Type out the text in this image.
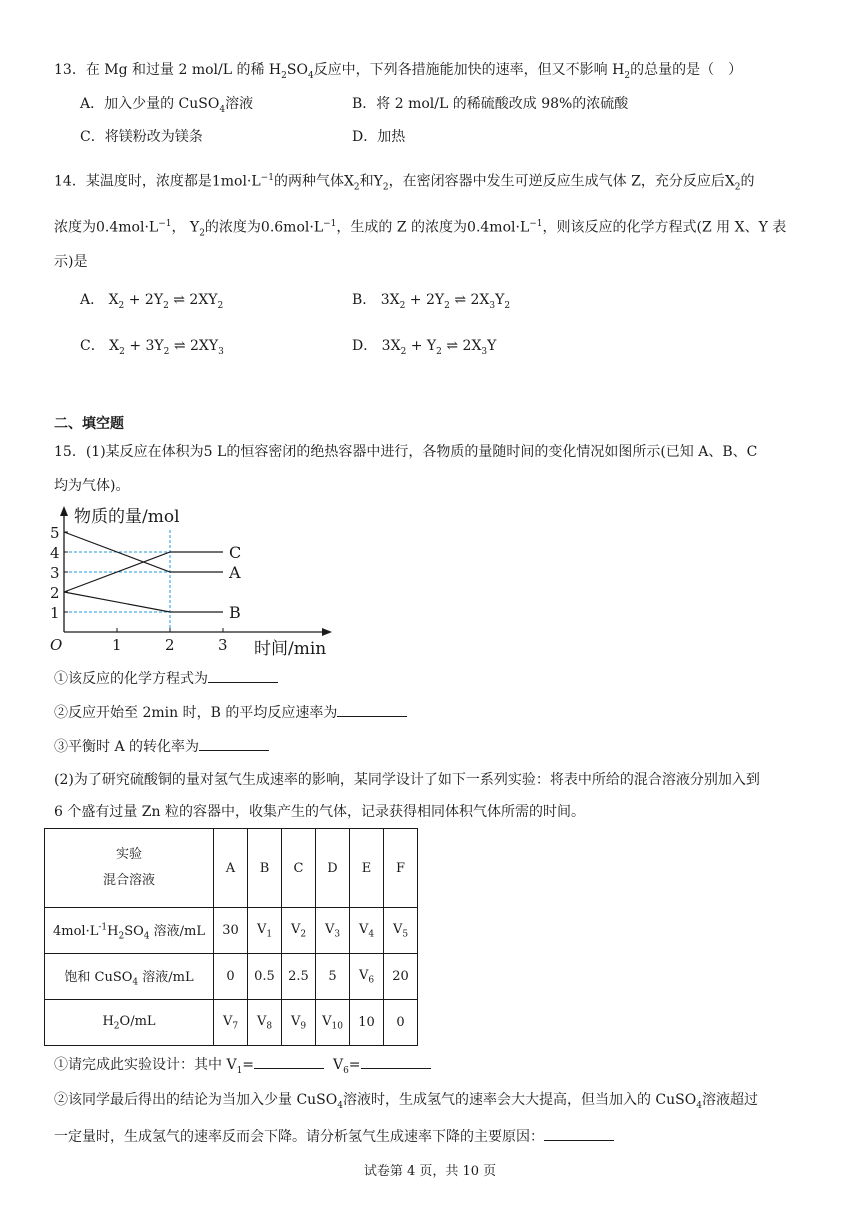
13．在 Mg 和过量 2 mol/L 的稀 $H_2SO_4$反应中，下列各措施能加快的速率，但又不影响 $H_2$的总量的是（　）
A．加入少量的 CuSO$_4$溶液	B．将 2 mol/L 的稀硫酸改成 98%的浓硫酸
C．将镁粉改为镁条	D．加热
14．某温度时，浓度都是$1mol\cdot L^{-1}$的两种气体$X_2$和$Y_2$，在密闭容器中发生可逆反应生成气体 Z，充分反应后$X_2$的
浓度为$0.4mol\cdot L^{-1}$， $Y_2$的浓度为$0.6mol\cdot L^{-1}$，生成的 Z 的浓度为$0.4mol\cdot L^{-1}$，则该反应的化学方程式(Z 用 X、Y 表
示)是
A． $X_2 + 2Y_2$ ⇌ $2XY_2$	B． $3X_2 + 2Y_2$ ⇌ $2X_3Y_2$
C． $X_2 + 3Y_2$ ⇌ $2XY_3$	D． $3X_2 + Y_2$ ⇌ $2X_3Y$
二、填空题
15．(1)某反应在体积为5 L的恒容密闭的绝热容器中进行，各物质的量随时间的变化情况如图所示(已知 A、B、C
均为气体)。
C
A
B
1
2
3
4
5
1	2	3
O
物质的量/mol
时间/min
①该反应的化学方程式为
②反应开始至 2min 时，B 的平均反应速率为
③平衡时 A 的转化率为
(2)为了研究硫酸铜的量对氢气生成速率的影响，某同学设计了如下一系列实验：将表中所给的混合溶液分别加入到
6 个盛有过量 Zn 粒的容器中，收集产生的气体，记录获得相同体积气体所需的时间。
实验
混合溶液	A	B	C	D	E	F
$4mol\cdot L^{-1}H_2SO_4$ 溶液/mL	30	$V_1$	$V_2$	$V_3$	$V_4$	$V_5$
饱和 CuSO$_4$ 溶液/mL	0	0.5	2.5	5	$V_6$	20
$H_2O/mL$	$V_7$	$V_8$	$V_9$	$V_{10}$	10	0
①请完成此实验设计：其中 $V_1=$	$V_6=$
②该同学最后得出的结论为当加入少量 CuSO$_4$溶液时，生成氢气的速率会大大提高，但当加入的 CuSO$_4$溶液超过
一定量时，生成氢气的速率反而会下降。请分析氢气生成速率下降的主要原因：
试卷第 4 页，共 10 页
